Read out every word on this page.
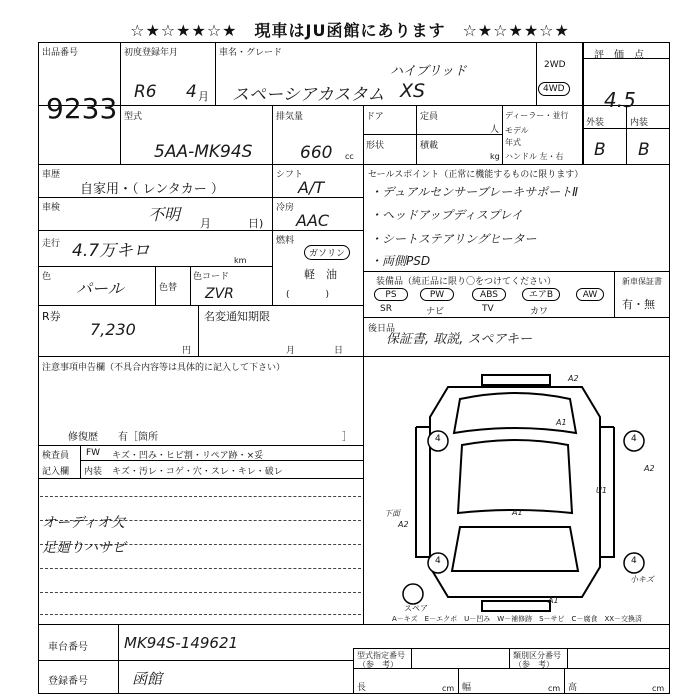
☆★☆★★☆★　現車はJU函館にあります　☆★☆★★☆★
出品番号
9233
初度登録年月
R6 4 月
車名・グレード
ハイブリッド
スペーシアカスタム XS
2WD
4WD
評　価　点
4.5
型式
5AA-MK94S
排気量
660 cc
ドア	定員
人
形状	積載
kg
ディーラー・並行
モデル
年式
ハンドル 左・右
外装	内装
B B
車歴
自家用・（ レンタカー ）
車検	不明 月	日)
走行 4.7万キロ	km
色
パール	色替
色コード
ZVR
シフト
A/T
冷房
AAC
燃料
ガソリン
軽　油
(　　　　)
セールスポイント（正常に機能するものに限ります）
・デュアルセンサーブレーキサポートⅡ
・ヘッドアップディスプレイ
・シートステアリングヒーター
・両側PSD
装備品（純正品に限り〇をつけてください）
PS	PW	ABS	エアB	AW
SR	ナビ	TV	カワ
新車保証書
有・無
R券
7,230
円
名変通知期限
月	日
後日品
保証書, 取説, スペアキー
注意事項申告欄（不具合内容等は具体的に記入して下さい）
修復歴 有［箇所	］
検査員
記入欄
FW キズ・凹み・ヒビ割・リペア跡・×妥
内装 キズ・汚レ・コゲ・穴・スレ・キレ・破レ
オーディオ欠
足廻りハサビ
4	4
4	4
A2
A1
A2
U1
A1
A1
下面
A2
小キズ
スペア
A－キズ　E－エクボ　U－凹み　W－補修跡　S－サビ　C－腐食　XX－交換済
車台番号 MK94S-149621
登録番号	函館
型式指定番号
（参　考）
類別区分番号
（参　考）
長	cm 幅	cm 高	cm
